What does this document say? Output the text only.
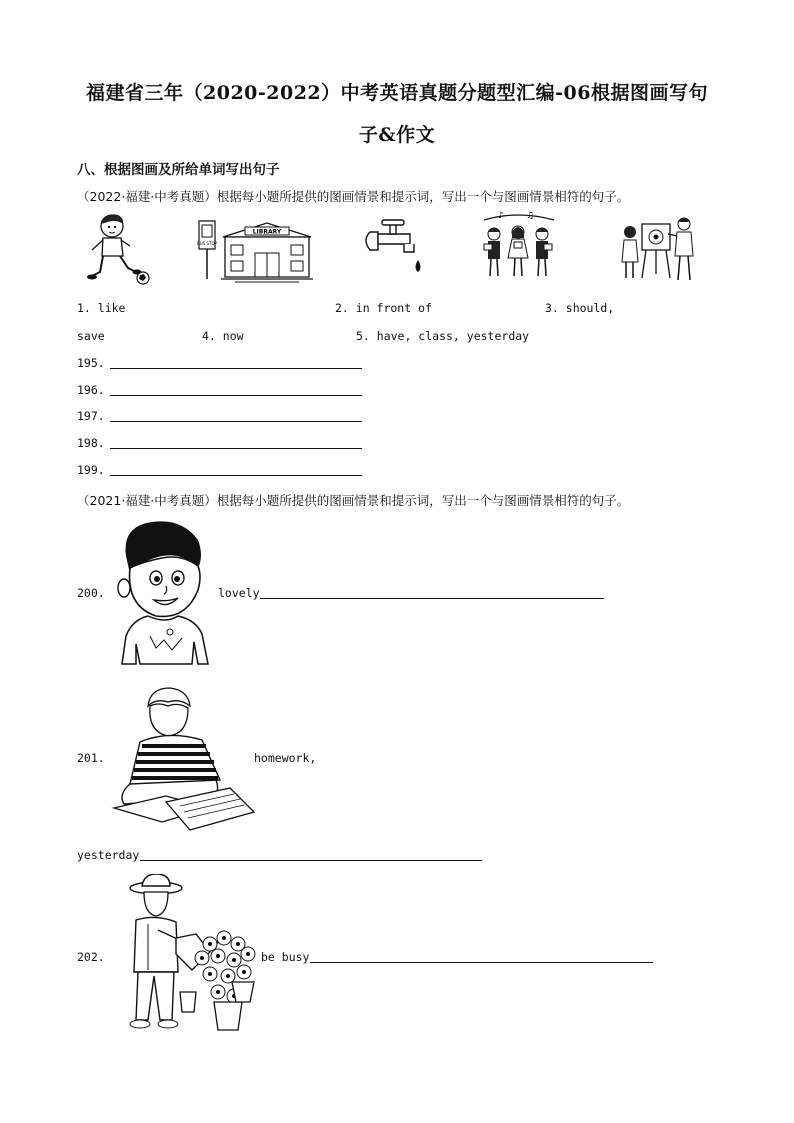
福建省三年（2020-2022）中考英语真题分题型汇编-06根据图画写句
子&作文
八、根据图画及所给单词写出句子
（2022·福建·中考真题）根据每小题所提供的图画情景和提示词，写出一个与图画情景相符的句子。
BUS STOP
LIBRARY
♪ ♫
1. like	2. in front of	3. should,
save	4. now	5. have, class, yesterday
195.
196.
197.
198.
199.
（2021·福建·中考真题）根据每小题所提供的图画情景和提示词，写出一个与图画情景相符的句子。
200.	lovely
201.	homework,
yesterday
202.	be busy
